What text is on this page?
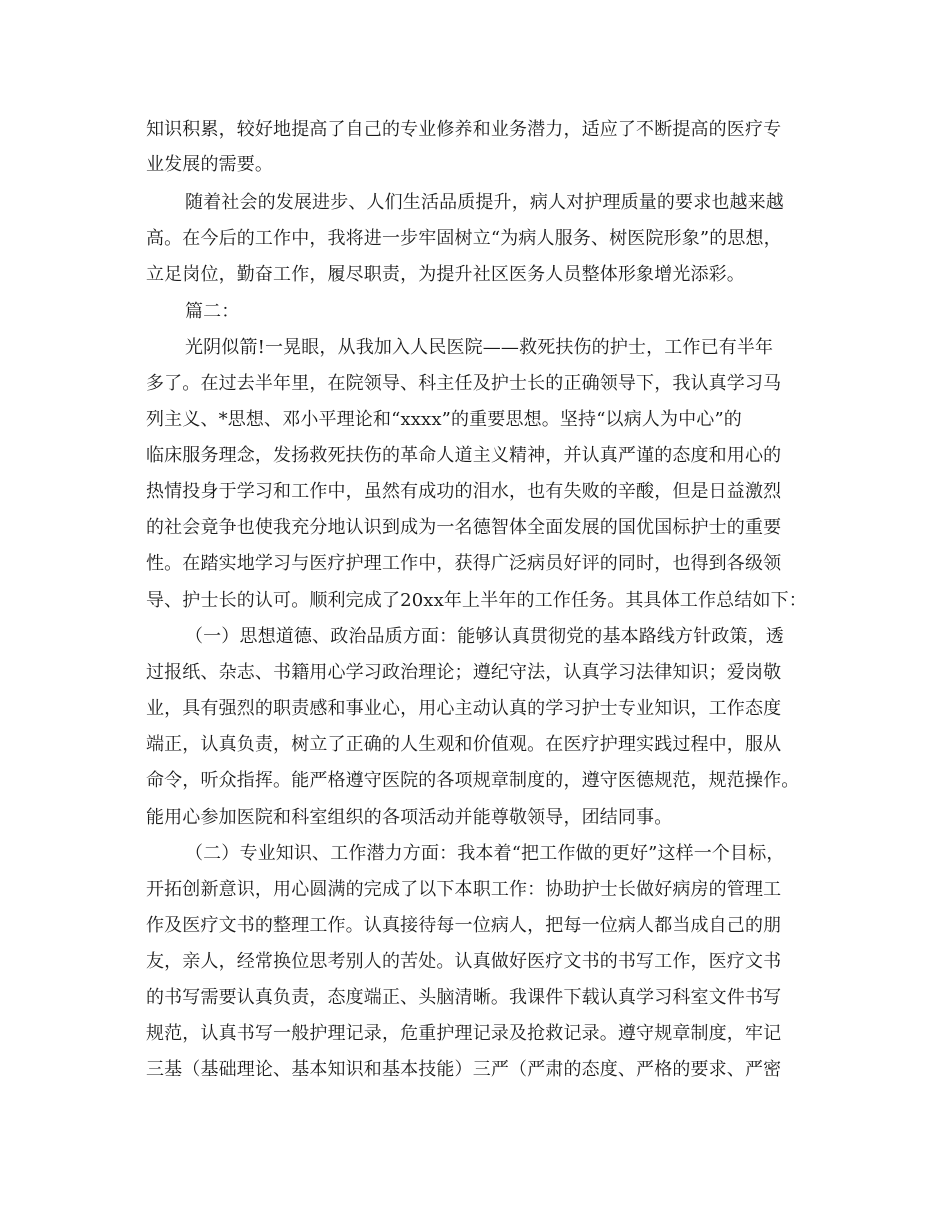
知识积累，较好地提高了自己的专业修养和业务潜力，适应了不断提高的医疗专
业发展的需要。
随着社会的发展进步、人们生活品质提升，病人对护理质量的要求也越来越
高。在今后的工作中，我将进一步牢固树立“为病人服务、树医院形象”的思想，
立足岗位，勤奋工作，履尽职责，为提升社区医务人员整体形象增光添彩。
篇二：
光阴似箭!一晃眼，从我加入人民医院——救死扶伤的护士，工作已有半年
多了。在过去半年里，在院领导、科主任及护士长的正确领导下，我认真学习马
列主义、*思想、邓小平理论和“xxxx”的重要思想。坚持“以病人为中心”的
临床服务理念，发扬救死扶伤的革命人道主义精神，并认真严谨的态度和用心的
热情投身于学习和工作中，虽然有成功的泪水，也有失败的辛酸，但是日益激烈
的社会竟争也使我充分地认识到成为一名德智体全面发展的国优国标护士的重要
性。在踏实地学习与医疗护理工作中，获得广泛病员好评的同时，也得到各级领
导、护士长的认可。顺利完成了20xx年上半年的工作任务。其具体工作总结如下：
（一）思想道德、政治品质方面：能够认真贯彻党的基本路线方针政策，透
过报纸、杂志、书籍用心学习政治理论；遵纪守法，认真学习法律知识；爱岗敬
业，具有强烈的职责感和事业心，用心主动认真的学习护士专业知识，工作态度
端正，认真负责，树立了正确的人生观和价值观。在医疗护理实践过程中，服从
命令，听众指挥。能严格遵守医院的各项规章制度的，遵守医德规范，规范操作。
能用心参加医院和科室组织的各项活动并能尊敬领导，团结同事。
（二）专业知识、工作潜力方面：我本着“把工作做的更好”这样一个目标，
开拓创新意识，用心圆满的完成了以下本职工作：协助护士长做好病房的管理工
作及医疗文书的整理工作。认真接待每一位病人，把每一位病人都当成自己的朋
友，亲人，经常换位思考别人的苦处。认真做好医疗文书的书写工作，医疗文书
的书写需要认真负责，态度端正、头脑清晰。我课件下载认真学习科室文件书写
规范，认真书写一般护理记录，危重护理记录及抢救记录。遵守规章制度，牢记
三基（基础理论、基本知识和基本技能）三严（严肃的态度、严格的要求、严密
